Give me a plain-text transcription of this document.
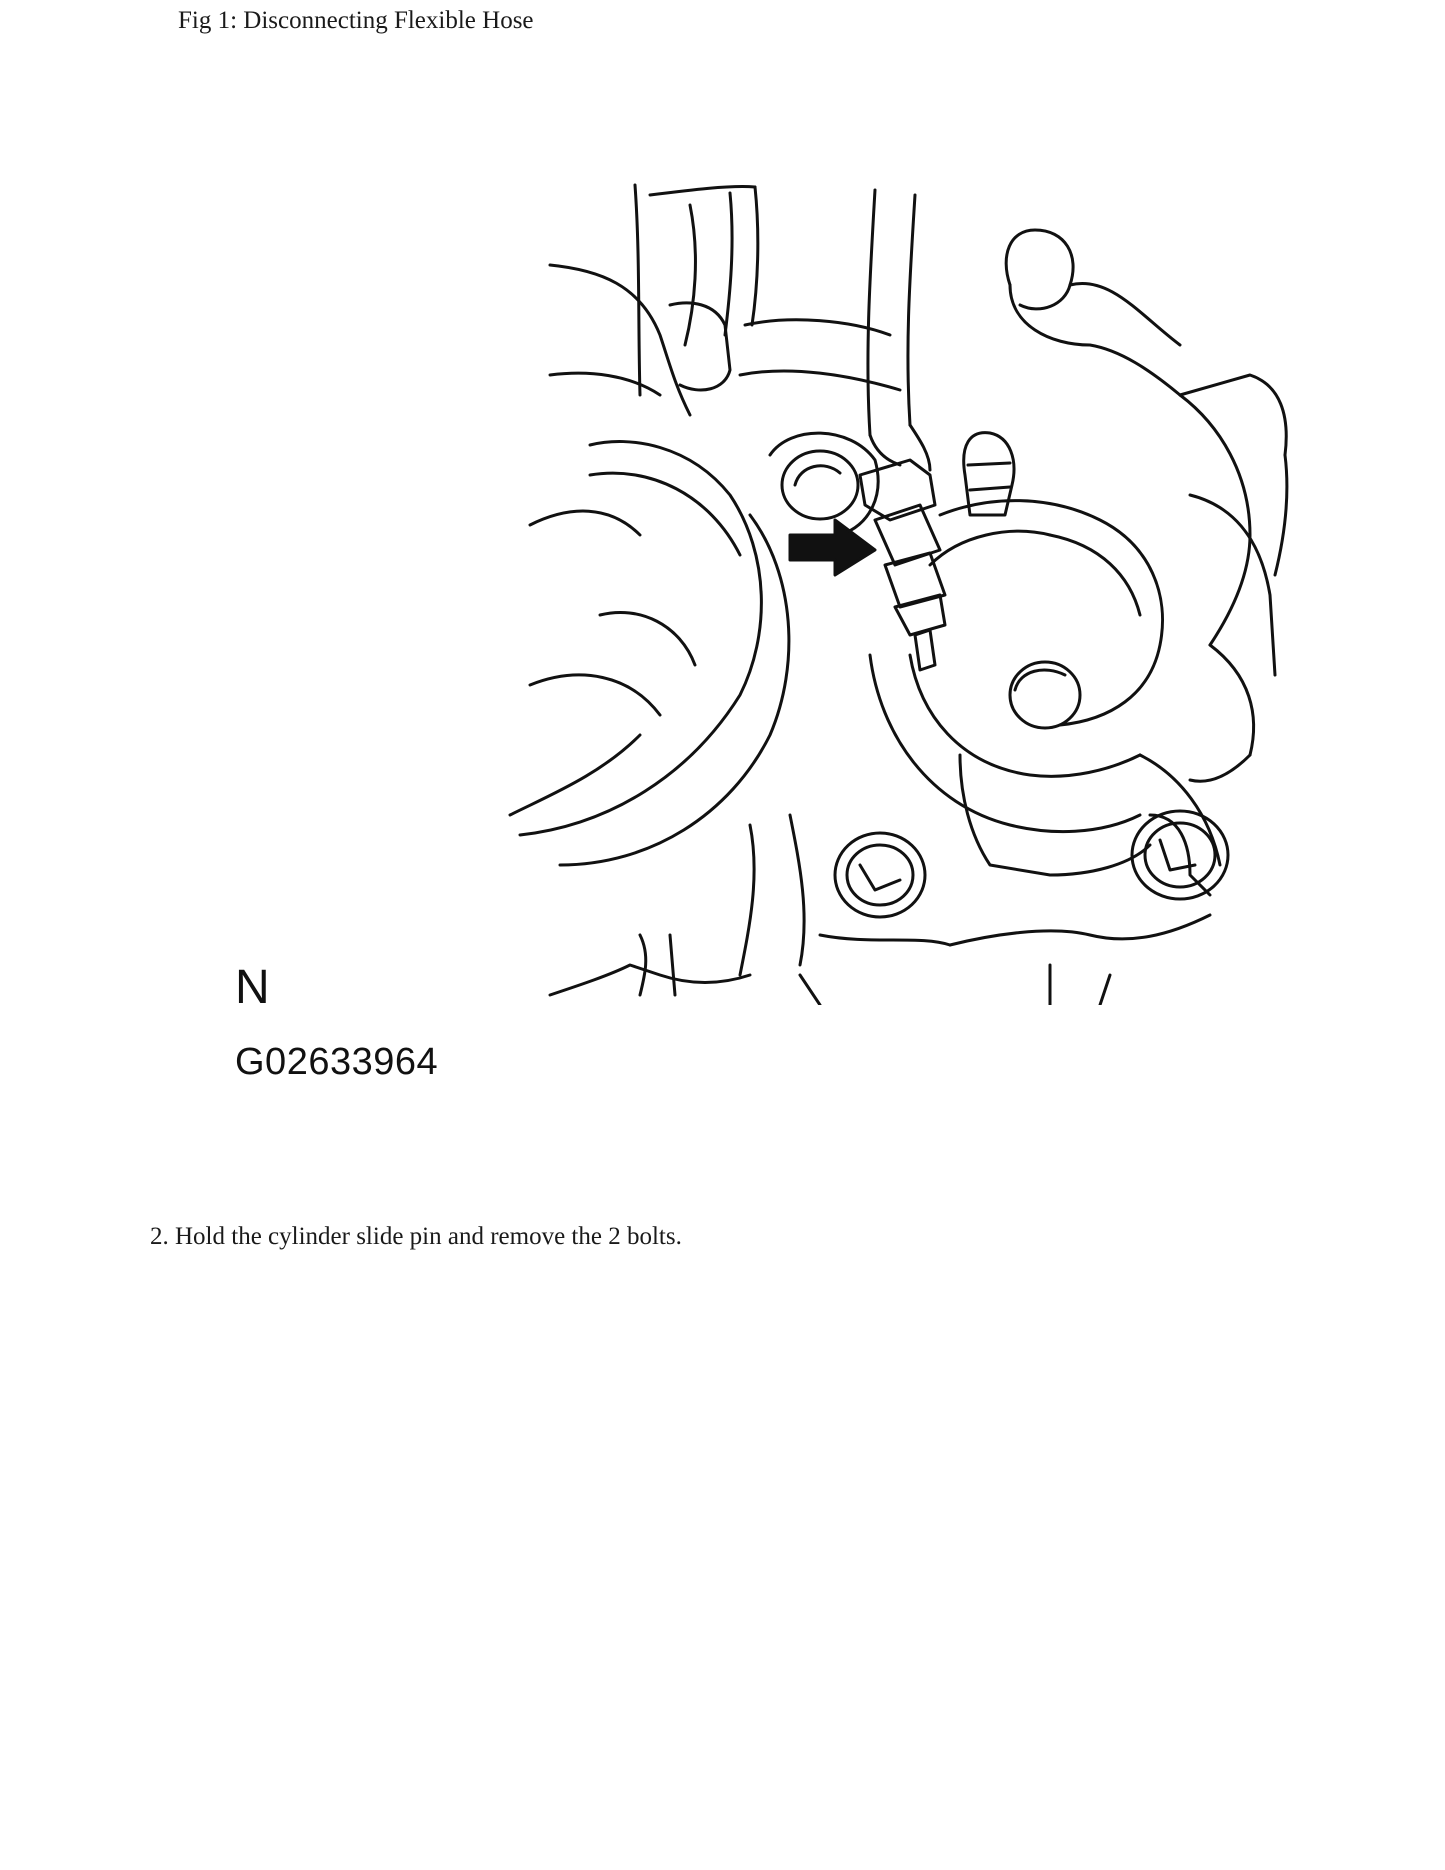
Fig 1: Disconnecting Flexible Hose
N
G02633964
2. Hold the cylinder slide pin and remove the 2 bolts.
